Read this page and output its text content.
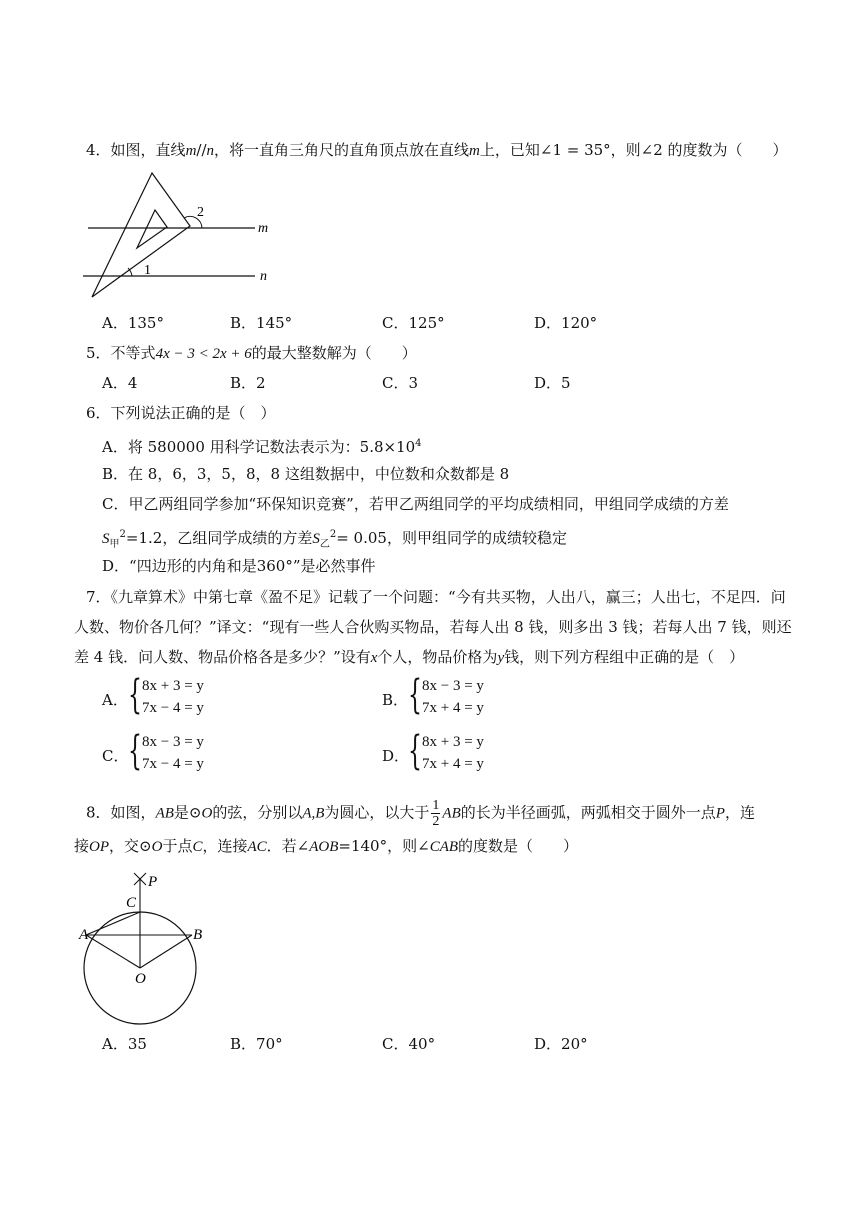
4．如图，直线m//n，将一直角三角尺的直角顶点放在直线m上，已知∠1 = 35°，则∠2 的度数为（　　）
2
m
1	n
A．135°	B．145°	C．125°	D．120°
5．不等式4x − 3 < 2x + 6的最大整数解为（　　）
A．4	B．2	C．3	D．5
6．下列说法正确的是（　）
A．将 580000 用科学记数法表示为：$5.8\times 10^4$
B．在 8，6，3，5，8，8 这组数据中，中位数和众数都是 8
C．甲乙两组同学参加“环保知识竞赛”，若甲乙两组同学的平均成绩相同，甲组同学成绩的方差
$S_甲^2=1.2$，乙组同学成绩的方差$S_乙^2= 0.05$，则甲组同学的成绩较稳定
D．“四边形的内角和是360°”是必然事件
7．《九章算术》中第七章《盈不足》记载了一个问题：“今有共买物，人出八，赢三；人出七，不足四．问
人数、物价各几何？”译文：“现有一些人合伙购买物品，若每人出 8 钱，则多出 3 钱；若每人出 7 钱，则还
差 4 钱．问人数、物品价格各是多少？”设有x个人，物品价格为y钱，则下列方程组中正确的是（　）
A． { 8x + 3 = y
7x − 4 = y	B． { 8x − 3 = y
7x + 4 = y
C． { 8x − 3 = y
7x − 4 = y	D．
{ 8x + 3 = y
7x + 4 = y
8．如图，AB是⊙O的弦，分别以A,B为圆心，以大于 $\frac{1}{2}$ AB的长为半径画弧，两弧相交于圆外一点P，连
接OP，交⊙O于点C，连接AC．若∠AOB=140°，则∠CAB的度数是（　　）
P
C
A	B
O
A．35	B．70°	C．40°	D．20°
